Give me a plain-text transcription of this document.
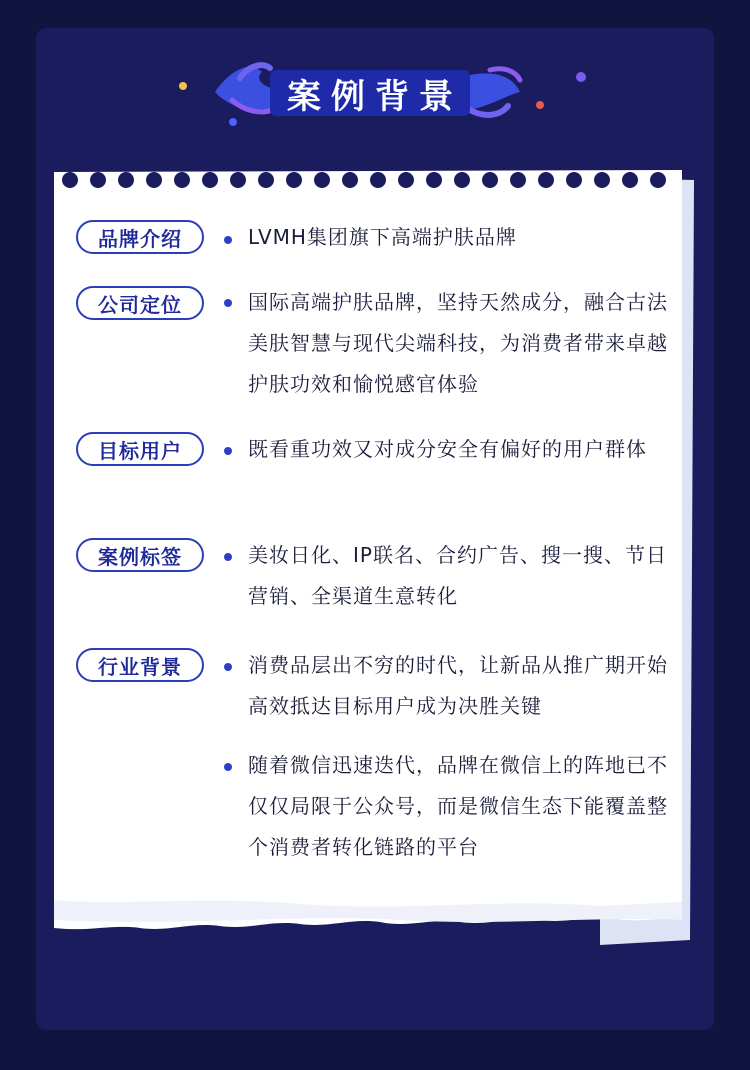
案例背景
品牌介绍	LVMH集团旗下高端护肤品牌
公司定位	国际高端护肤品牌，坚持天然成分，融合古法美肤智慧与现代尖端科技，为消费者带来卓越护肤功效和愉悦感官体验
目标用户	既看重功效又对成分安全有偏好的用户群体
案例标签	美妆日化、IP联名、合约广告、搜一搜、节日营销、全渠道生意转化
行业背景	消费品层出不穷的时代，让新品从推广期开始高效抵达目标用户成为决胜关键
随着微信迅速迭代，品牌在微信上的阵地已不仅仅局限于公众号，而是微信生态下能覆盖整个消费者转化链路的平台
